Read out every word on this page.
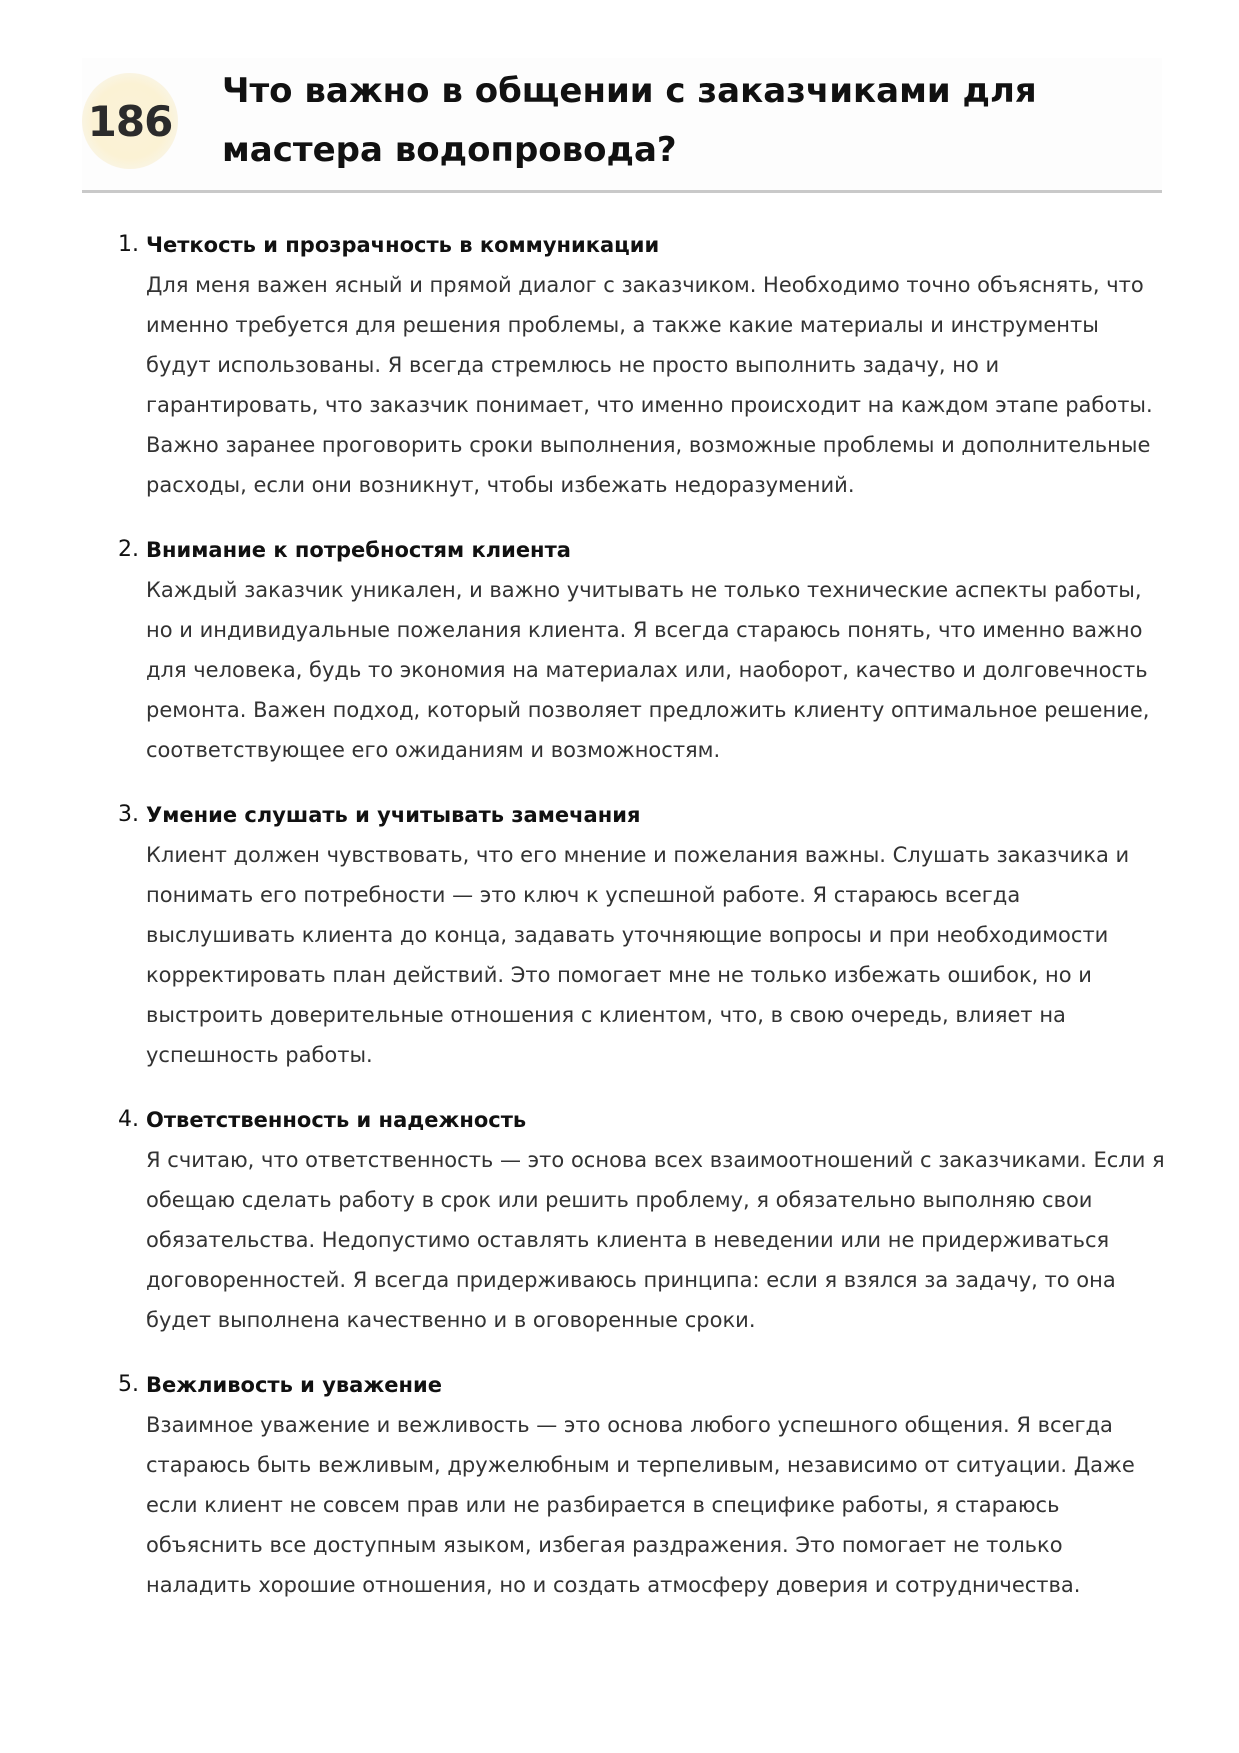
186
Что важно в общении с заказчиками для мастера водопровода?
1. Четкость и прозрачность в коммуникации

Для меня важен ясный и прямой диалог с заказчиком. Необходимо точно объяснять, что именно требуется для решения проблемы, а также какие материалы и инструменты будут использованы. Я всегда стремлюсь не просто выполнить задачу, но и гарантировать, что заказчик понимает, что именно происходит на каждом этапе работы. Важно заранее проговорить сроки выполнения, возможные проблемы и дополнительные расходы, если они возникнут, чтобы избежать недоразумений.

2. Внимание к потребностям клиента

Каждый заказчик уникален, и важно учитывать не только технические аспекты работы, но и индивидуальные пожелания клиента. Я всегда стараюсь понять, что именно важно для человека, будь то экономия на материалах или, наоборот, качество и долговечность ремонта. Важен подход, который позволяет предложить клиенту оптимальное решение, соответствующее его ожиданиям и возможностям.

3. Умение слушать и учитывать замечания

Клиент должен чувствовать, что его мнение и пожелания важны. Слушать заказчика и понимать его потребности — это ключ к успешной работе. Я стараюсь всегда выслушивать клиента до конца, задавать уточняющие вопросы и при необходимости корректировать план действий. Это помогает мне не только избежать ошибок, но и выстроить доверительные отношения с клиентом, что, в свою очередь, влияет на успешность работы.

4. Ответственность и надежность

Я считаю, что ответственность — это основа всех взаимоотношений с заказчиками. Если я обещаю сделать работу в срок или решить проблему, я обязательно выполняю свои обязательства. Недопустимо оставлять клиента в неведении или не придерживаться договоренностей. Я всегда придерживаюсь принципа: если я взялся за задачу, то она будет выполнена качественно и в оговоренные сроки.

5. Вежливость и уважение

Взаимное уважение и вежливость — это основа любого успешного общения. Я всегда стараюсь быть вежливым, дружелюбным и терпеливым, независимо от ситуации. Даже если клиент не совсем прав или не разбирается в специфике работы, я стараюсь объяснить все доступным языком, избегая раздражения. Это помогает не только наладить хорошие отношения, но и создать атмосферу доверия и сотрудничества.
